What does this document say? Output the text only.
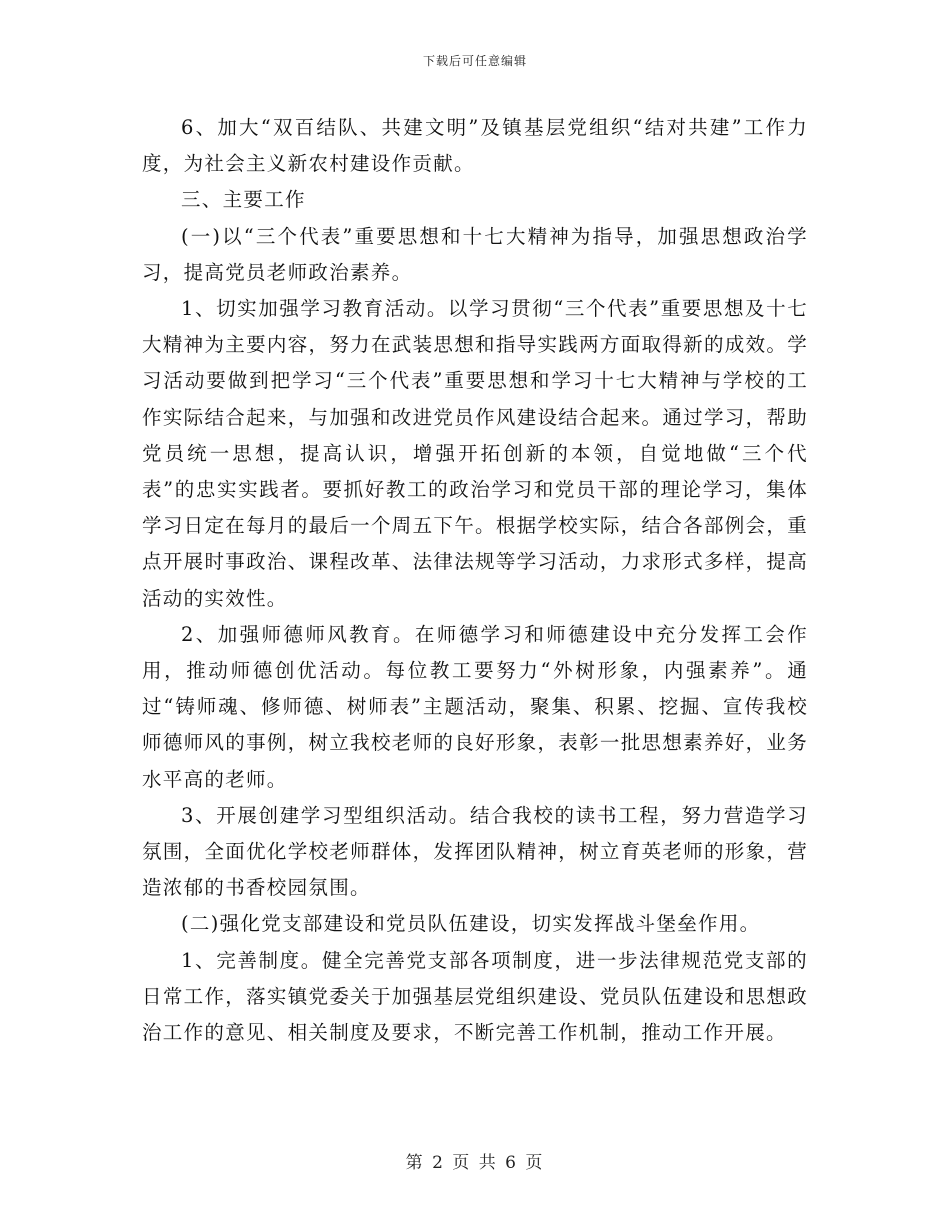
下载后可任意编辑

6、加大“双百结队、共建文明”及镇基层党组织“结对共建”工作力度，为社会主义新农村建设作贡献。

三、主要工作

(一)以“三个代表”重要思想和十七大精神为指导，加强思想政治学习，提高党员老师政治素养。

1、切实加强学习教育活动。以学习贯彻“三个代表”重要思想及十七大精神为主要内容，努力在武装思想和指导实践两方面取得新的成效。学习活动要做到把学习“三个代表”重要思想和学习十七大精神与学校的工作实际结合起来，与加强和改进党员作风建设结合起来。通过学习，帮助党员统一思想，提高认识，增强开拓创新的本领，自觉地做“三个代表”的忠实实践者。要抓好教工的政治学习和党员干部的理论学习，集体学习日定在每月的最后一个周五下午。根据学校实际，结合各部例会，重点开展时事政治、课程改革、法律法规等学习活动，力求形式多样，提高活动的实效性。

2、加强师德师风教育。在师德学习和师德建设中充分发挥工会作用，推动师德创优活动。每位教工要努力“外树形象，内强素养”。通过“铸师魂、修师德、树师表”主题活动，聚集、积累、挖掘、宣传我校师德师风的事例，树立我校老师的良好形象，表彰一批思想素养好，业务水平高的老师。

3、开展创建学习型组织活动。结合我校的读书工程，努力营造学习氛围，全面优化学校老师群体，发挥团队精神，树立育英老师的形象，营造浓郁的书香校园氛围。

(二)强化党支部建设和党员队伍建设，切实发挥战斗堡垒作用。

1、完善制度。健全完善党支部各项制度，进一步法律规范党支部的日常工作，落实镇党委关于加强基层党组织建设、党员队伍建设和思想政治工作的意见、相关制度及要求，不断完善工作机制，推动工作开展。

第 2 页 共 6 页
